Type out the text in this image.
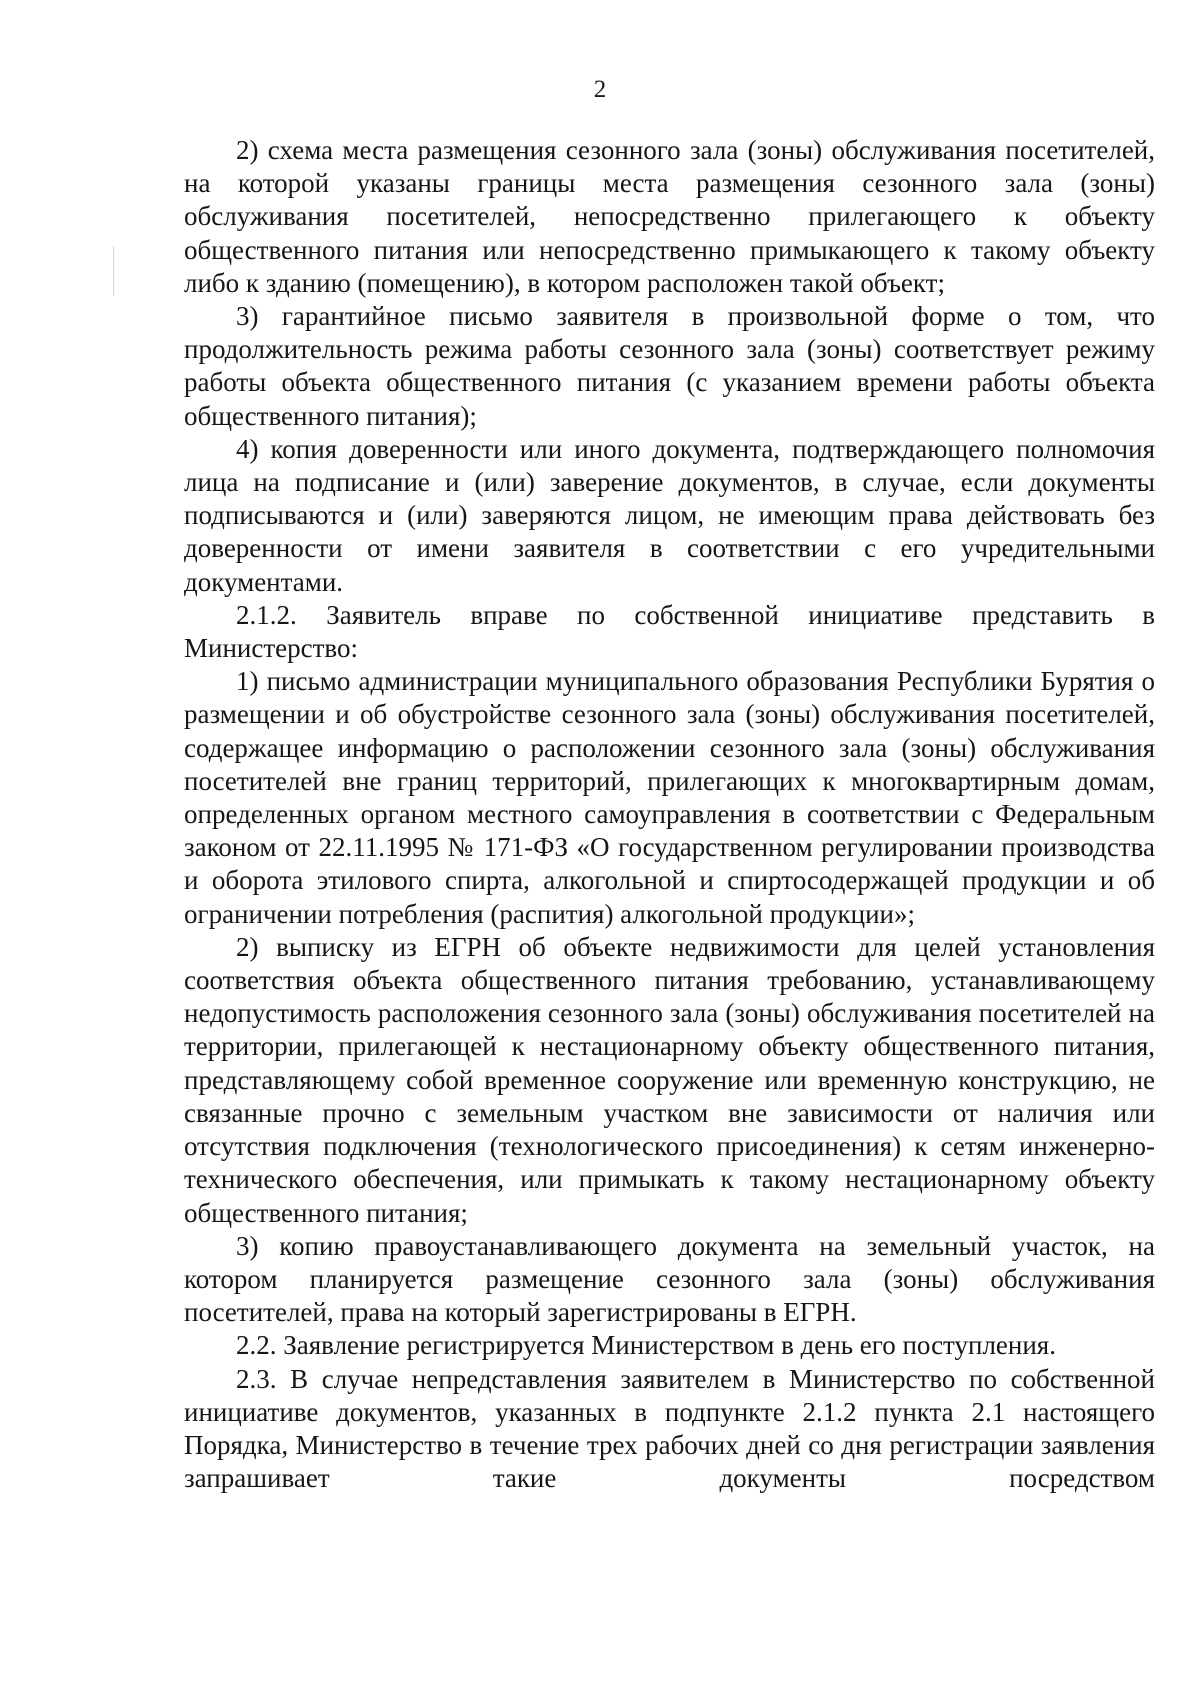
2

2) схема места размещения сезонного зала (зоны) обслуживания посетителей, на которой указаны границы места размещения сезонного зала (зоны) обслуживания посетителей, непосредственно прилегающего к объекту общественного питания или непосредственно примыкающего к такому объекту либо к зданию (помещению), в котором расположен такой объект;

3) гарантийное письмо заявителя в произвольной форме о том, что продолжительность режима работы сезонного зала (зоны) соответствует режиму работы объекта общественного питания (с указанием времени работы объекта общественного питания);

4) копия доверенности или иного документа, подтверждающего полномочия лица на подписание и (или) заверение документов, в случае, если документы подписываются и (или) заверяются лицом, не имеющим права действовать без доверенности от имени заявителя в соответствии с его учредительными документами.

2.1.2. Заявитель вправе по собственной инициативе представить в Министерство:

1) письмо администрации муниципального образования Республики Бурятия о размещении и об обустройстве сезонного зала (зоны) обслуживания посетителей, содержащее информацию о расположении сезонного зала (зоны) обслуживания посетителей вне границ территорий, прилегающих к многоквартирным домам, определенных органом местного самоуправления в соответствии с Федеральным законом от 22.11.1995 № 171-ФЗ «О государственном регулировании производства и оборота этилового спирта, алкогольной и спиртосодержащей продукции и об ограничении потребления (распития) алкогольной продукции»;

2) выписку из ЕГРН об объекте недвижимости для целей установления соответствия объекта общественного питания требованию, устанавливающему недопустимость расположения сезонного зала (зоны) обслуживания посетителей на территории, прилегающей к нестационарному объекту общественного питания, представляющему собой временное сооружение или временную конструкцию, не связанные прочно с земельным участком вне зависимости от наличия или отсутствия подключения (технологического присоединения) к сетям инженерно-технического обеспечения, или примыкать к такому нестационарному объекту общественного питания;

3) копию правоустанавливающего документа на земельный участок, на котором планируется размещение сезонного зала (зоны) обслуживания посетителей, права на который зарегистрированы в ЕГРН.

2.2. Заявление регистрируется Министерством в день его поступления.

2.3. В случае непредставления заявителем в Министерство по собственной инициативе документов, указанных в подпункте 2.1.2 пункта 2.1 настоящего Порядка, Министерство в течение трех рабочих дней со дня регистрации заявления запрашивает такие документы посредством
